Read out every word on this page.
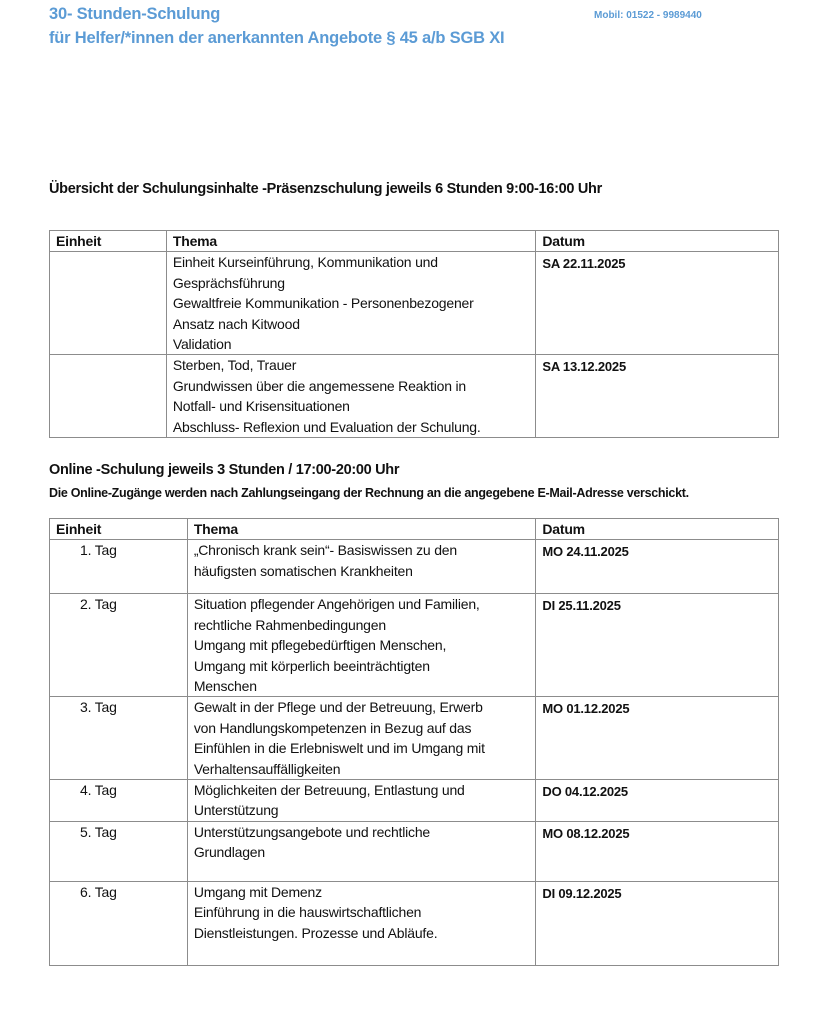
30- Stunden-Schulung
für Helfer/*innen der anerkannten Angebote § 45 a/b SGB XI
Mobil: 01522 - 9989440
Übersicht der Schulungsinhalte -Präsenzschulung jeweils 6 Stunden 9:00-16:00 Uhr
Einheit	Thema	Datum

	Einheit Kurseinführung, Kommunikation und
Gesprächsführung
Gewaltfreie Kommunikation - Personenbezogener
Ansatz nach Kitwood
Validation	SA 22.11.2025

	Sterben, Tod, Trauer
Grundwissen über die angemessene Reaktion in
Notfall- und Krisensituationen
Abschluss- Reflexion und Evaluation der Schulung.	SA 13.12.2025
Online -Schulung jeweils 3 Stunden / 17:00-20:00 Uhr
Die Online-Zugänge werden nach Zahlungseingang der Rechnung an die angegebene E-Mail-Adresse verschickt.
Einheit	Thema	Datum
1. Tag	„Chronisch krank sein“- Basiswissen zu den
häufigsten somatischen Krankheiten	MO 24.11.2025
2. Tag	Situation pflegender Angehörigen und Familien,
rechtliche Rahmenbedingungen
Umgang mit pflegebedürftigen Menschen,
Umgang mit körperlich beeinträchtigten
Menschen	DI 25.11.2025
3. Tag	Gewalt in der Pflege und der Betreuung, Erwerb
von Handlungskompetenzen in Bezug auf das
Einfühlen in die Erlebniswelt und im Umgang mit
Verhaltensauffälligkeiten	MO 01.12.2025
4. Tag	Möglichkeiten der Betreuung, Entlastung und
Unterstützung	DO 04.12.2025
5. Tag	Unterstützungsangebote und rechtliche
Grundlagen	MO 08.12.2025
6. Tag	Umgang mit Demenz
Einführung in die hauswirtschaftlichen
Dienstleistungen. Prozesse und Abläufe.	DI 09.12.2025
